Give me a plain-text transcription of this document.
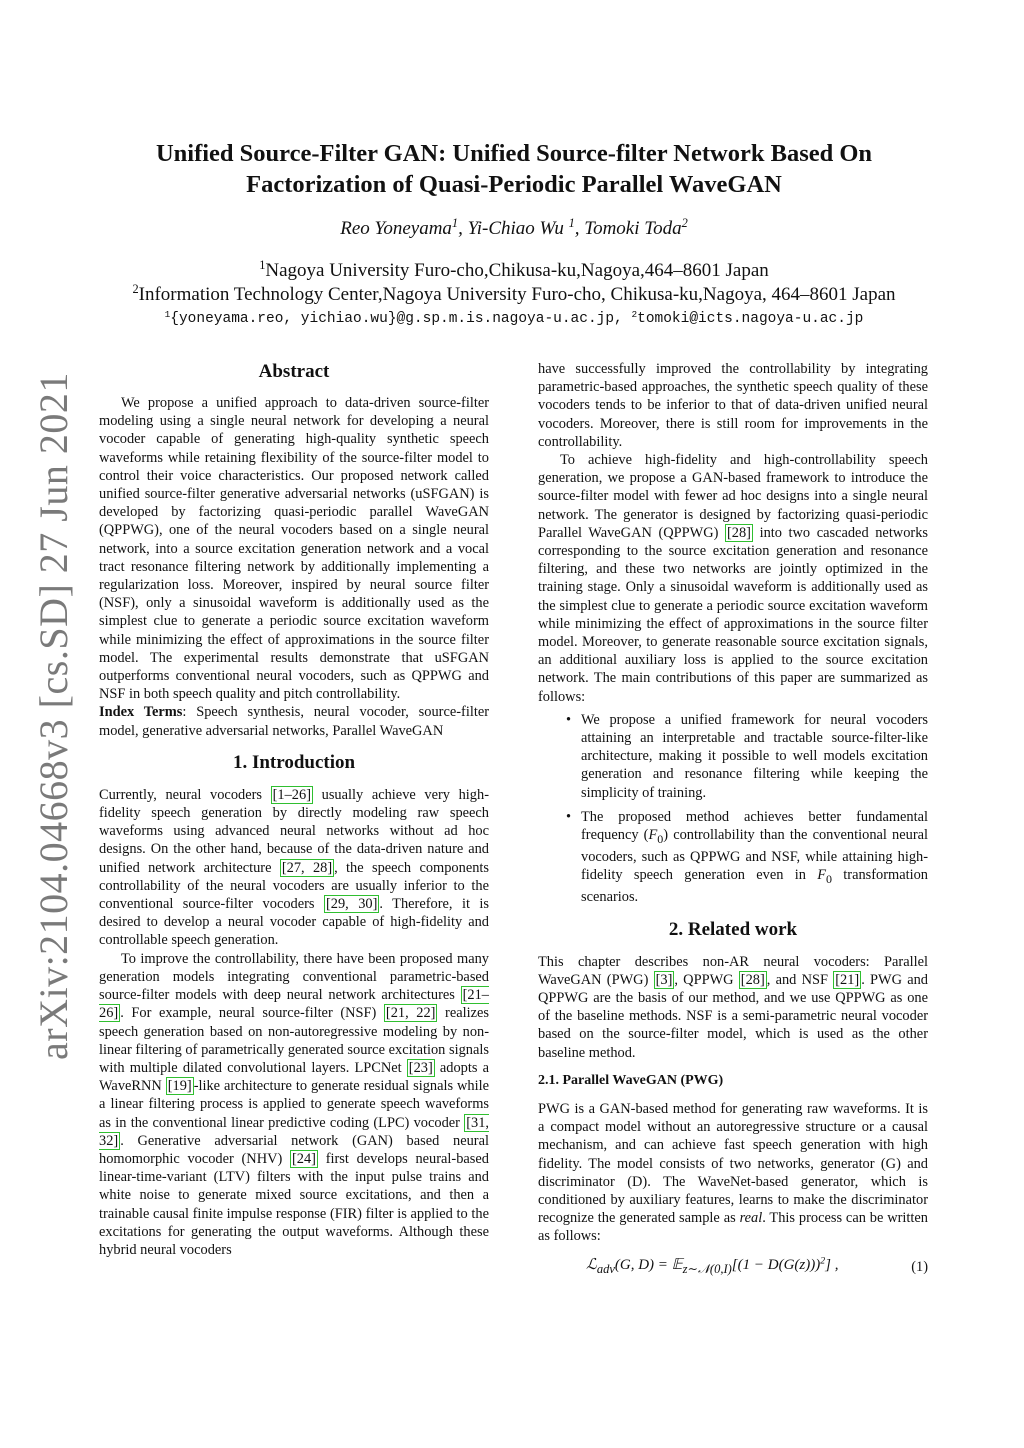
arXiv:2104.04668v3 [cs.SD] 27 Jun 2021
Unified Source-Filter GAN: Unified Source-filter Network Based On
Factorization of Quasi-Periodic Parallel WaveGAN
Reo Yoneyama$^1$, Yi-Chiao Wu $^1$, Tomoki Toda$^2$
$^1$Nagoya University Furo-cho,Chikusa-ku,Nagoya,464–8601 Japan
$^2$Information Technology Center,Nagoya University Furo-cho, Chikusa-ku,Nagoya, 464–8601 Japan
$^1${yoneyama.reo, yichiao.wu}@g.sp.m.is.nagoya-u.ac.jp, $^2$tomoki@icts.nagoya-u.ac.jp
Abstract

We propose a unified approach to data-driven source-filter modeling using a single neural network for developing a neural vocoder capable of generating high-quality synthetic speech waveforms while retaining flexibility of the source-filter model to control their voice characteristics. Our proposed network called unified source-filter generative adversarial networks (uSFGAN) is developed by factorizing quasi-periodic parallel WaveGAN (QPPWG), one of the neural vocoders based on a single neural network, into a source excitation generation network and a vocal tract resonance filtering network by additionally implementing a regularization loss. Moreover, inspired by neural source filter (NSF), only a sinusoidal waveform is additionally used as the simplest clue to generate a periodic source excitation waveform while minimizing the effect of approximations in the source filter model. The experimental results demonstrate that uSFGAN outperforms conventional neural vocoders, such as QPPWG and NSF in both speech quality and pitch controllability.

Index Terms: Speech synthesis, neural vocoder, source-filter model, generative adversarial networks, Parallel WaveGAN

1. Introduction

Currently, neural vocoders [1–26] usually achieve very high-fidelity speech generation by directly modeling raw speech waveforms using advanced neural networks without ad hoc designs. On the other hand, because of the data-driven nature and unified network architecture [27, 28] , the speech components controllability of the neural vocoders are usually inferior to the conventional source-filter vocoders [29, 30] . Therefore, it is desired to develop a neural vocoder capable of high-fidelity and controllable speech generation.

To improve the controllability, there have been proposed many generation models integrating conventional parametric-based source-filter models with deep neural network architectures [21–26] . For example, neural source-filter (NSF) [21, 22] realizes speech generation based on non-autoregressive modeling by non-linear filtering of parametrically generated source excitation signals with multiple dilated convolutional layers. LPCNet [23] adopts a WaveRNN [19] -like architecture to generate residual signals while a linear filtering process is applied to generate speech waveforms as in the conventional linear predictive coding (LPC) vocoder [31, 32] . Generative adversarial network (GAN) based neural homomorphic vocoder (NHV) [24] first develops neural-based linear-time-variant (LTV) filters with the input pulse trains and white noise to generate mixed source excitations, and then a trainable causal finite impulse response (FIR) filter is applied to the excitations for generating the output waveforms. Although these hybrid neural vocoders

have successfully improved the controllability by integrating parametric-based approaches, the synthetic speech quality of these vocoders tends to be inferior to that of data-driven unified neural vocoders. Moreover, there is still room for improvements in the controllability.

To achieve high-fidelity and high-controllability speech generation, we propose a GAN-based framework to introduce the source-filter model with fewer ad hoc designs into a single neural network. The generator is designed by factorizing quasi-periodic Parallel WaveGAN (QPPWG) [28] into two cascaded networks corresponding to the source excitation generation and resonance filtering, and these two networks are jointly optimized in the training stage. Only a sinusoidal waveform is additionally used as the simplest clue to generate a periodic source excitation waveform while minimizing the effect of approximations in the source filter model. Moreover, to generate reasonable source excitation signals, an additional auxiliary loss is applied to the source excitation network. The main contributions of this paper are summarized as follows:

• We propose a unified framework for neural vocoders attaining an interpretable and tractable source-filter-like architecture, making it possible to well models excitation generation and resonance filtering while keeping the simplicity of training.
• The proposed method achieves better fundamental frequency $(F_0)$ controllability than the conventional neural vocoders, such as QPPWG and NSF, while attaining high-fidelity speech generation even in $F_0$ transformation scenarios.
2. Related work

This chapter describes non-AR neural vocoders: Parallel WaveGAN (PWG) [3] , QPPWG [28] , and NSF [21] . PWG and QPPWG are the basis of our method, and we use QPPWG as one of the baseline methods. NSF is a semi-parametric neural vocoder based on the source-filter model, which is used as the other baseline method.

2.1. Parallel WaveGAN (PWG)

PWG is a GAN-based method for generating raw waveforms. It is a compact model without an autoregressive structure or a causal mechanism, and can achieve fast speech generation with high fidelity. The model consists of two networks, generator (G) and discriminator (D). The WaveNet-based generator, which is conditioned by auxiliary features, learns to make the discriminator recognize the generated sample as real. This process can be written as follows:

ℒ$_{adv}$(G, D) = 𝔼$_{z\sim 𝒩(0,I)}$[(1 − D(G(z)))$^2$] ,	(1)
